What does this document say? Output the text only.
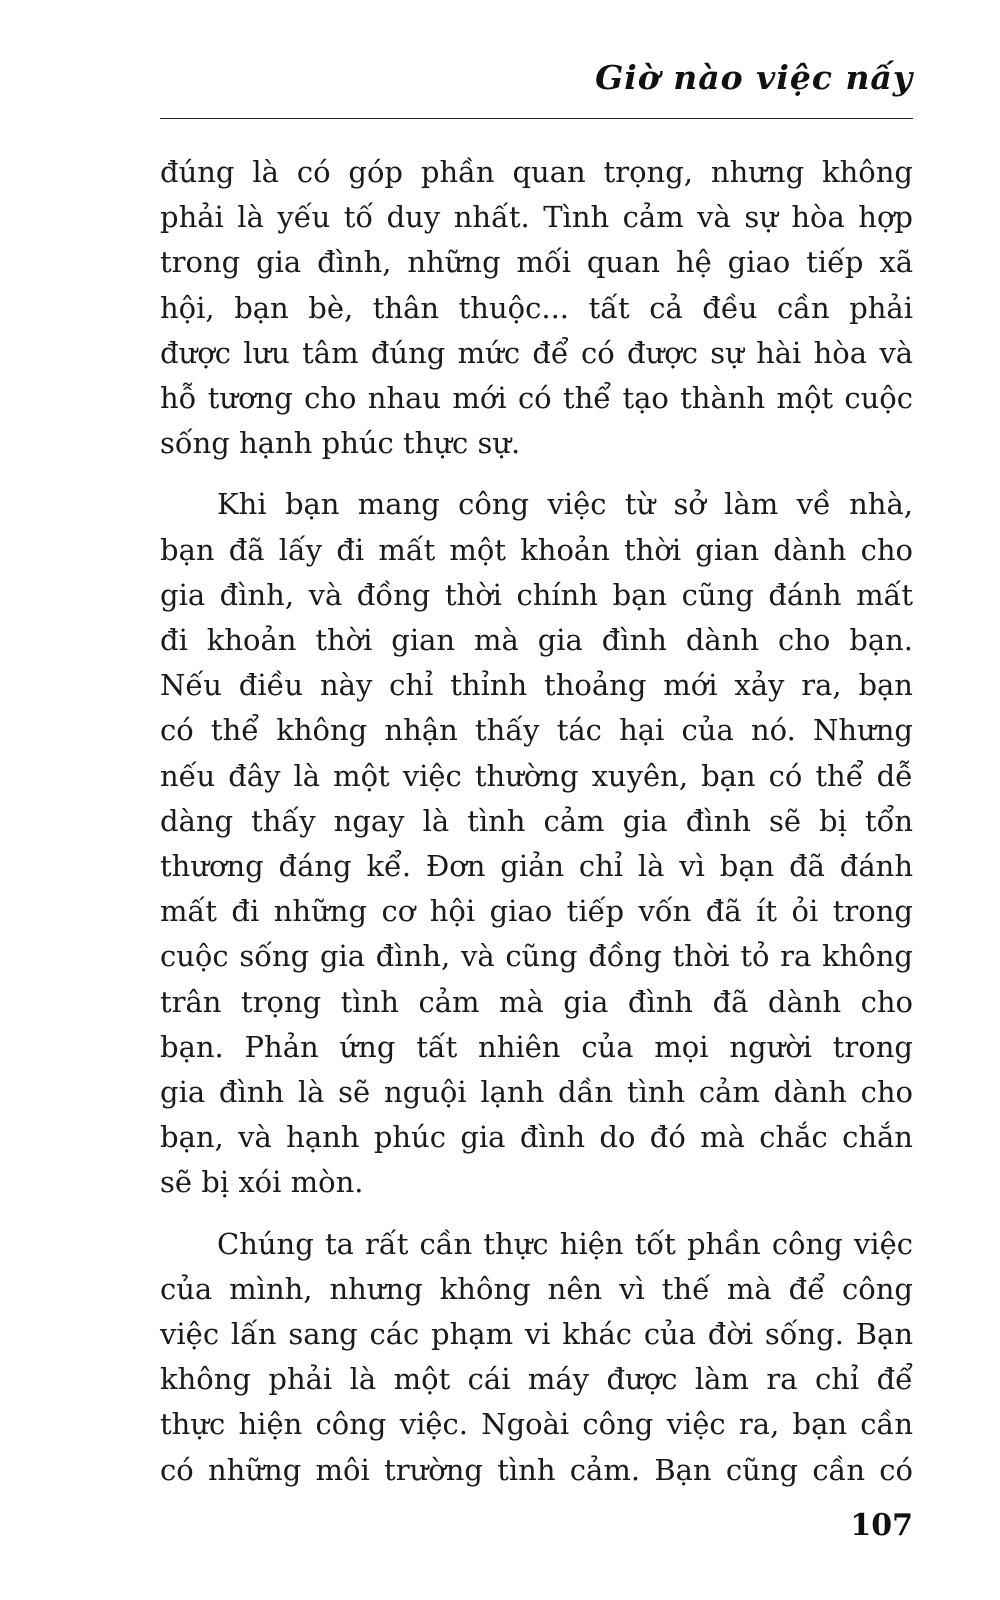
Giờ nào việc nấy

đúng là có góp phần quan trọng, nhưng không
phải là yếu tố duy nhất. Tình cảm và sự hòa hợp
trong gia đình, những mối quan hệ giao tiếp xã
hội, bạn bè, thân thuộc... tất cả đều cần phải
được lưu tâm đúng mức để có được sự hài hòa và
hỗ tương cho nhau mới có thể tạo thành một cuộc
sống hạnh phúc thực sự.

Khi bạn mang công việc từ sở làm về nhà,
bạn đã lấy đi mất một khoản thời gian dành cho
gia đình, và đồng thời chính bạn cũng đánh mất
đi khoản thời gian mà gia đình dành cho bạn.
Nếu điều này chỉ thỉnh thoảng mới xảy ra, bạn
có thể không nhận thấy tác hại của nó. Nhưng
nếu đây là một việc thường xuyên, bạn có thể dễ
dàng thấy ngay là tình cảm gia đình sẽ bị tổn
thương đáng kể. Đơn giản chỉ là vì bạn đã đánh
mất đi những cơ hội giao tiếp vốn đã ít ỏi trong
cuộc sống gia đình, và cũng đồng thời tỏ ra không
trân trọng tình cảm mà gia đình đã dành cho
bạn. Phản ứng tất nhiên của mọi người trong
gia đình là sẽ nguội lạnh dần tình cảm dành cho
bạn, và hạnh phúc gia đình do đó mà chắc chắn
sẽ bị xói mòn.

Chúng ta rất cần thực hiện tốt phần công việc
của mình, nhưng không nên vì thế mà để công
việc lấn sang các phạm vi khác của đời sống. Bạn
không phải là một cái máy được làm ra chỉ để
thực hiện công việc. Ngoài công việc ra, bạn cần
có những môi trường tình cảm. Bạn cũng cần có

107
